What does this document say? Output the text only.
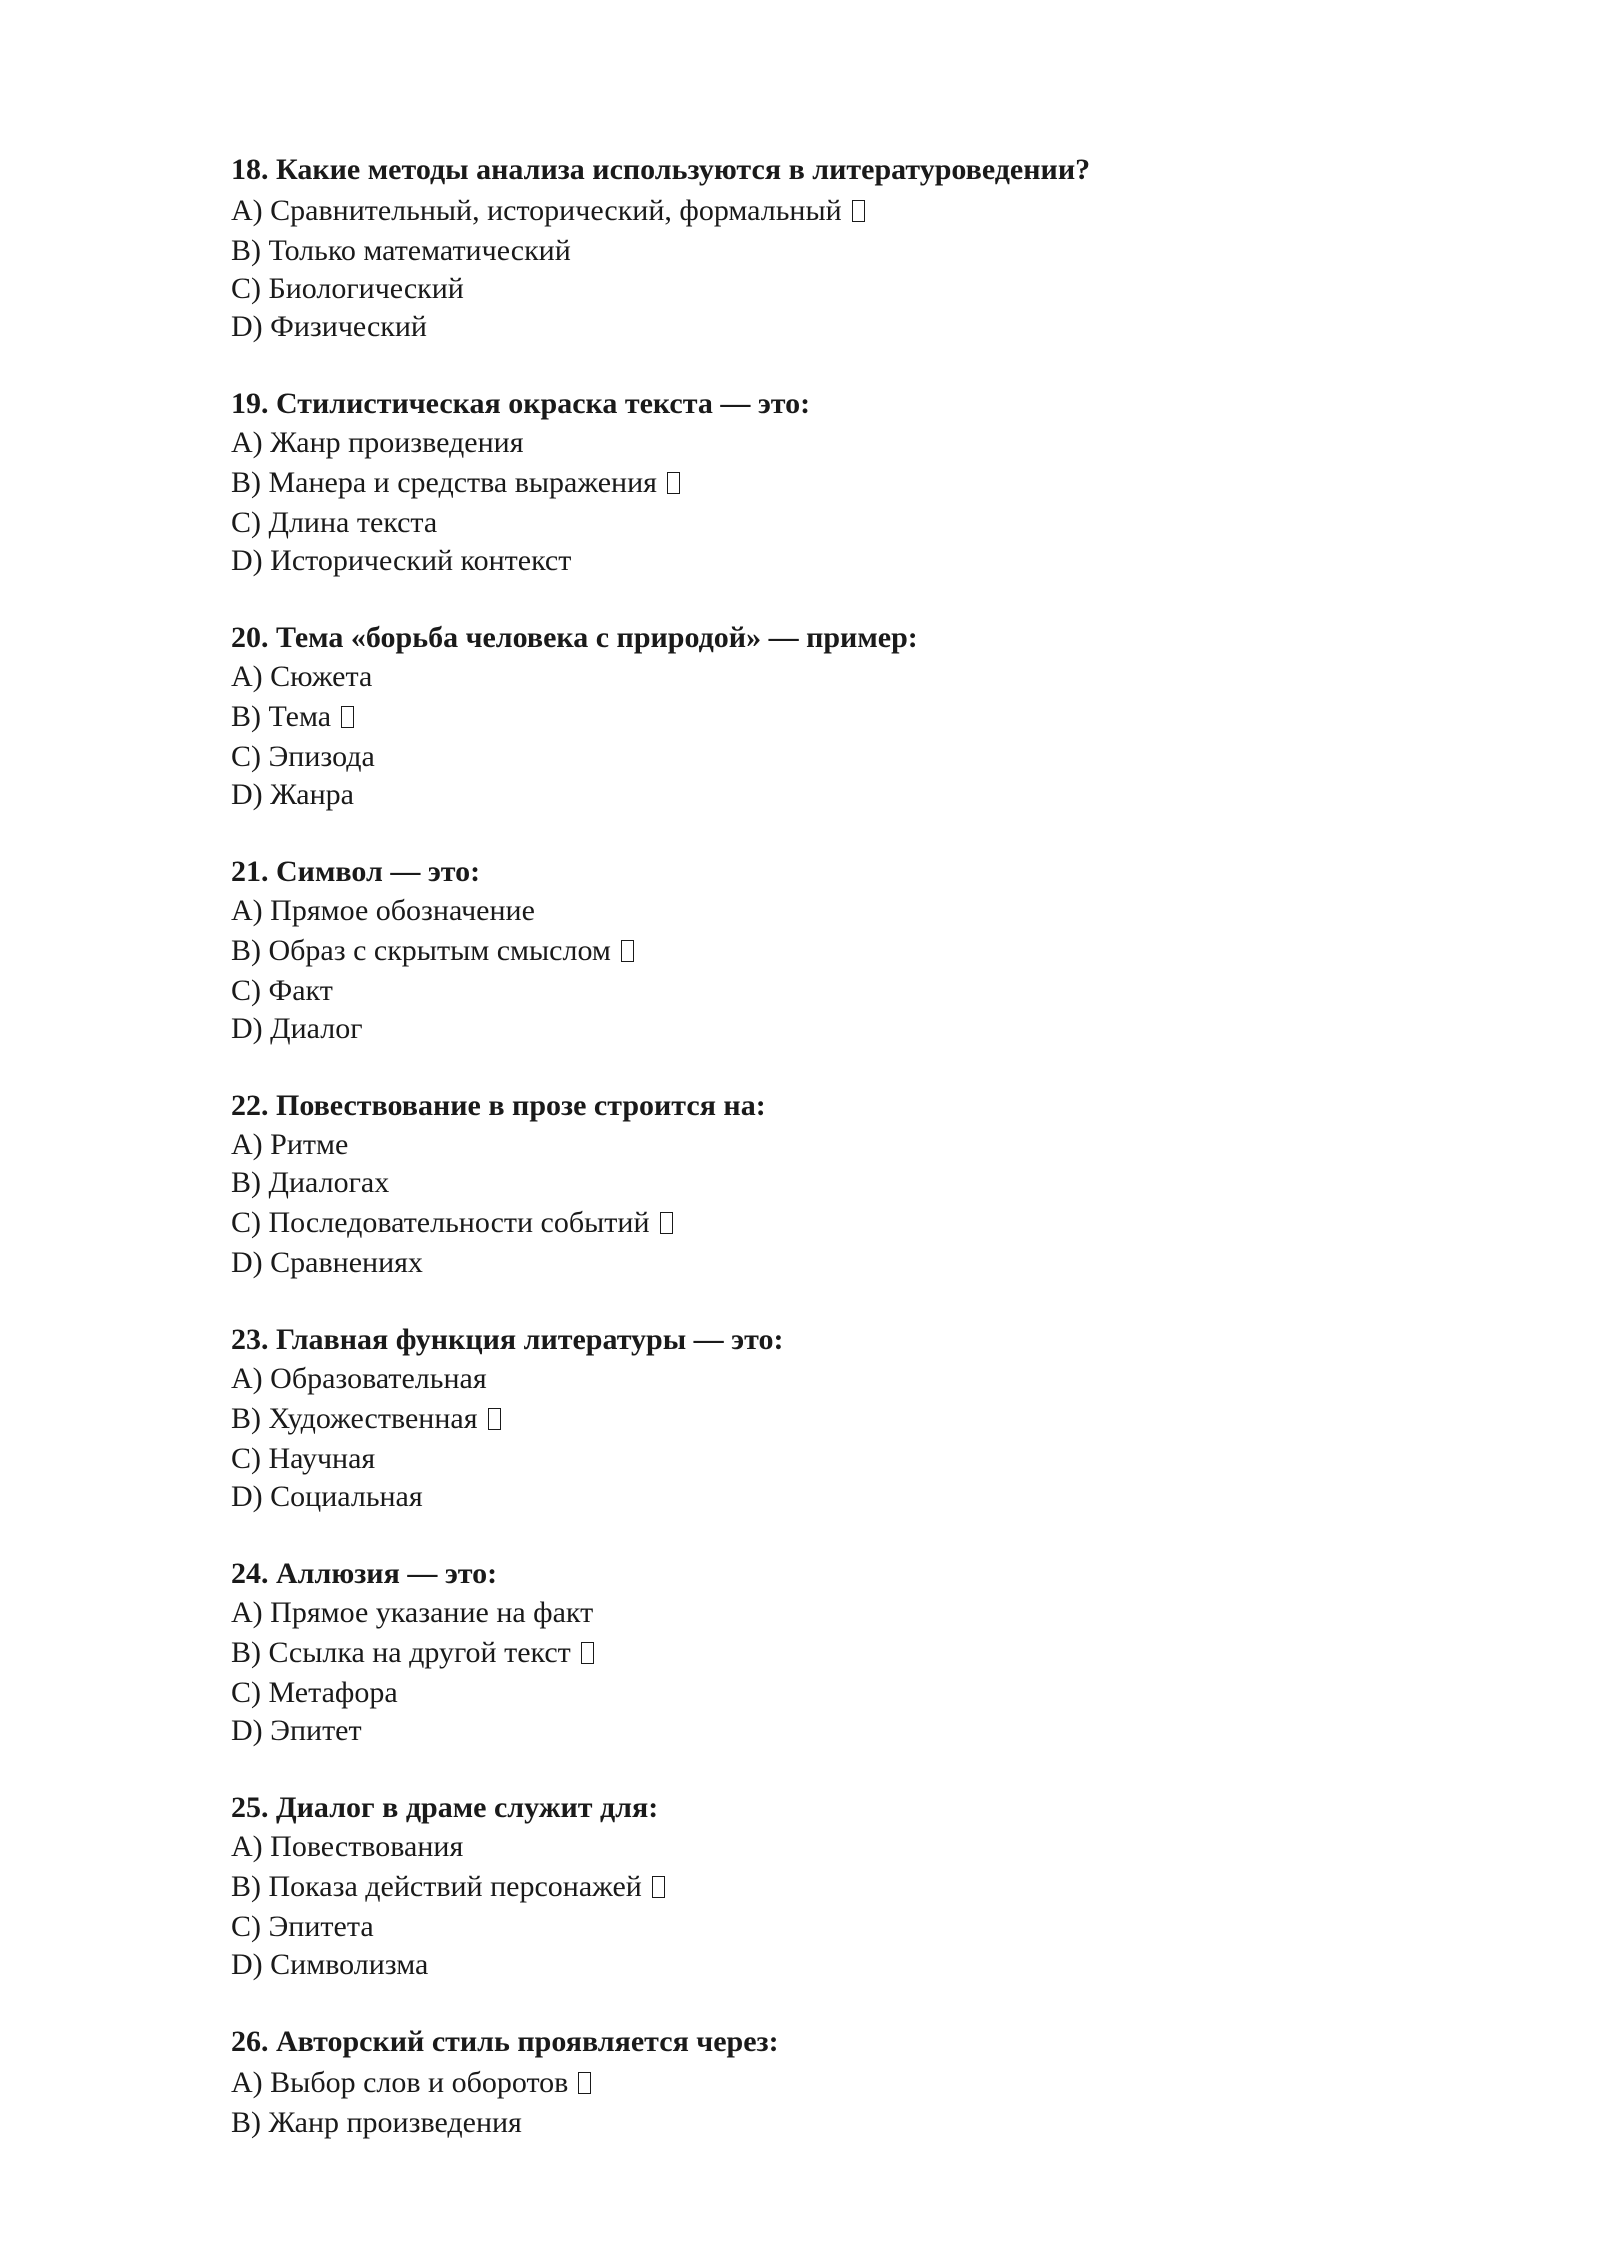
18. Какие методы анализа используются в литературоведении?
A) Сравнительный, исторический, формальный
B) Только математический
C) Биологический
D) Физический
19. Стилистическая окраска текста — это:
A) Жанр произведения
B) Манера и средства выражения
C) Длина текста
D) Исторический контекст
20. Тема «борьба человека с природой» — пример:
A) Сюжета
B) Тема
C) Эпизода
D) Жанра
21. Символ — это:
A) Прямое обозначение
B) Образ с скрытым смыслом
C) Факт
D) Диалог
22. Повествование в прозе строится на:
A) Ритме
B) Диалогах
C) Последовательности событий
D) Сравнениях
23. Главная функция литературы — это:
A) Образовательная
B) Художественная
C) Научная
D) Социальная
24. Аллюзия — это:
A) Прямое указание на факт
B) Ссылка на другой текст
C) Метафора
D) Эпитет
25. Диалог в драме служит для:
A) Повествования
B) Показа действий персонажей
C) Эпитета
D) Символизма
26. Авторский стиль проявляется через:
A) Выбор слов и оборотов
B) Жанр произведения
